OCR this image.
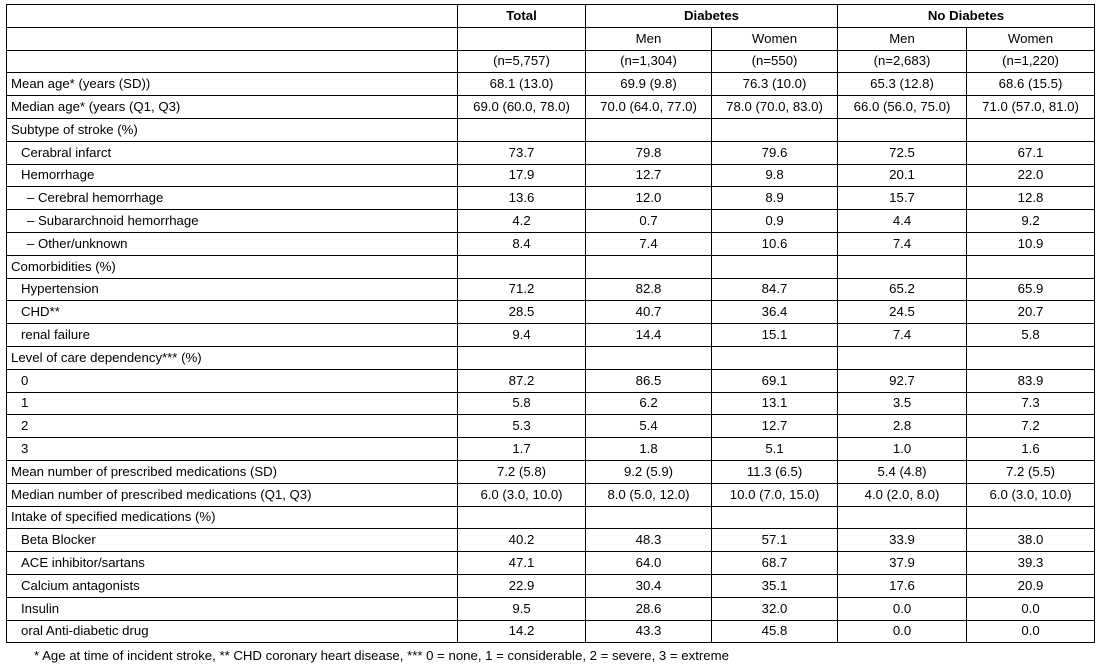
	Total	Diabetes		No Diabetes	
		Men	Women	Men	Women
	(n=5,757)	(n=1,304)	(n=550)	(n=2,683)	(n=1,220)
Mean age* (years (SD))	68.1 (13.0)	69.9 (9.8)	76.3 (10.0)	65.3 (12.8)	68.6 (15.5)
Median age* (years (Q1, Q3)	69.0 (60.0, 78.0)	70.0 (64.0, 77.0)	78.0 (70.0, 83.0)	66.0 (56.0, 75.0)	71.0 (57.0, 81.0)
Subtype of stroke (%)					
Cerabral infarct	73.7	79.8	79.6	72.5	67.1
Hemorrhage	17.9	12.7	9.8	20.1	22.0
– Cerebral hemorrhage	13.6	12.0	8.9	15.7	12.8
– Subararchnoid hemorrhage	4.2	0.7	0.9	4.4	9.2
– Other/unknown	8.4	7.4	10.6	7.4	10.9
Comorbidities (%)					
Hypertension	71.2	82.8	84.7	65.2	65.9
CHD**	28.5	40.7	36.4	24.5	20.7
renal failure	9.4	14.4	15.1	7.4	5.8
Level of care dependency*** (%)					
0	87.2	86.5	69.1	92.7	83.9
1	5.8	6.2	13.1	3.5	7.3
2	5.3	5.4	12.7	2.8	7.2
3	1.7	1.8	5.1	1.0	1.6
Mean number of prescribed medications (SD)	7.2 (5.8)	9.2 (5.9)	11.3 (6.5)	5.4 (4.8)	7.2 (5.5)
Median number of prescribed medications (Q1, Q3)	6.0 (3.0, 10.0)	8.0 (5.0, 12.0)	10.0 (7.0, 15.0)	4.0 (2.0, 8.0)	6.0 (3.0, 10.0)
Intake of specified medications (%)					
Beta Blocker	40.2	48.3	57.1	33.9	38.0
ACE inhibitor/sartans	47.1	64.0	68.7	37.9	39.3
Calcium antagonists	22.9	30.4	35.1	17.6	20.9
Insulin	9.5	28.6	32.0	0.0	0.0
oral Anti-diabetic drug	14.2	43.3	45.8	0.0	0.0
* Age at time of incident stroke, ** CHD coronary heart disease, *** 0 = none, 1 = considerable, 2 = severe, 3 = extreme
